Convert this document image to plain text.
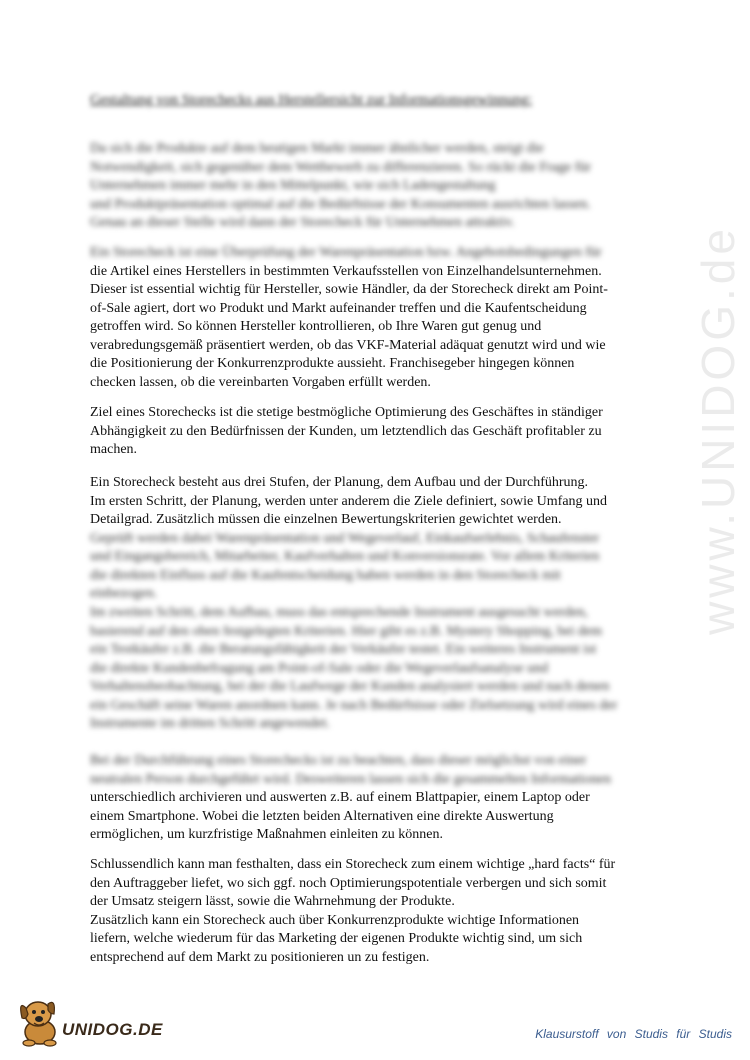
Gestaltung von Storechecks aus Herstellersicht zur Informationsgewinnung:
Da sich die Produkte auf dem heutigen Markt immer ähnlicher werden, steigt die
Notwendigkeit, sich gegenüber dem Wettbewerb zu differenzieren. So rückt die Frage für
Unternehmen immer mehr in den Mittelpunkt, wie sich Ladengestaltung
und Produktpräsentation optimal auf die Bedürfnisse der Konsumenten ausrichten lassen.
Genau an dieser Stelle wird dann der Storecheck für Unternehmen attraktiv.
Ein Storecheck ist eine Überprüfung der Warenpräsentation bzw. Angebotsbedingungen für
die Artikel eines Herstellers in bestimmten Verkaufsstellen von Einzelhandelsunternehmen.
Dieser ist essential wichtig für Hersteller, sowie Händler, da der Storecheck direkt am Point-
of-Sale agiert, dort wo Produkt und Markt aufeinander treffen und die Kaufentscheidung
getroffen wird. So können Hersteller kontrollieren, ob Ihre Waren gut genug und
verabredungsgemäß präsentiert werden, ob das VKF-Material adäquat genutzt wird und wie
die Positionierung der Konkurrenzprodukte aussieht. Franchisegeber hingegen können
checken lassen, ob die vereinbarten Vorgaben erfüllt werden.
Ziel eines Storechecks ist die stetige bestmögliche Optimierung des Geschäftes in ständiger
Abhängigkeit zu den Bedürfnissen der Kunden, um letztendlich das Geschäft profitabler zu
machen.
Ein Storecheck besteht aus drei Stufen, der Planung, dem Aufbau und der Durchführung.
Im ersten Schritt, der Planung, werden unter anderem die Ziele definiert, sowie Umfang und
Detailgrad. Zusätzlich müssen die einzelnen Bewertungskriterien gewichtet werden.
Geprüft werden dabei Warenpräsentation und Wegeverlauf, Einkaufserlebnis, Schaufenster
und Eingangsbereich, Mitarbeiter, Kaufverhalten und Konversionsrate. Vor allem Kriterien
die direkten Einfluss auf die Kaufentscheidung haben werden in den Storecheck mit
einbezogen.
Im zweiten Schritt, dem Aufbau, muss das entsprechende Instrument ausgesucht werden,
basierend auf den oben festgelegten Kriterien. Hier gibt es z.B. Mystery Shopping, bei dem
ein Testkäufer z.B. die Beratungsfähigkeit der Verkäufer testet. Ein weiteres Instrument ist
die direkte Kundenbefragung am Point-of-Sale oder die Wegeverlaufsanalyse und
Verhaltensbeobachtung, bei der die Laufwege der Kunden analysiert werden und nach denen
ein Geschäft seine Waren anordnen kann. Je nach Bedürfnisse oder Zielsetzung wird eines der
Instrumente im dritten Schritt angewendet.
Bei der Durchführung eines Storechecks ist zu beachten, dass dieser möglichst von einer
neutralen Person durchgeführt wird. Desweiteren lassen sich die gesammelten Informationen
unterschiedlich archivieren und auswerten z.B. auf einem Blattpapier, einem Laptop oder
einem Smartphone. Wobei die letzten beiden Alternativen eine direkte Auswertung
ermöglichen, um kurzfristige Maßnahmen einleiten zu können.
Schlussendlich kann man festhalten, dass ein Storecheck zum einem wichtige „hard facts“ für
den Auftraggeber liefet, wo sich ggf. noch Optimierungspotentiale verbergen und sich somit
der Umsatz steigern lässt, sowie die Wahrnehmung der Produkte.
Zusätzlich kann ein Storecheck auch über Konkurrenzprodukte wichtige Informationen
liefern, welche wiederum für das Marketing der eigenen Produkte wichtig sind, um sich
entsprechend auf dem Markt zu positionieren un zu festigen.
www.UNIDOG.de
UNIDOG.DE	Klausurstoff von Studis für Studis
